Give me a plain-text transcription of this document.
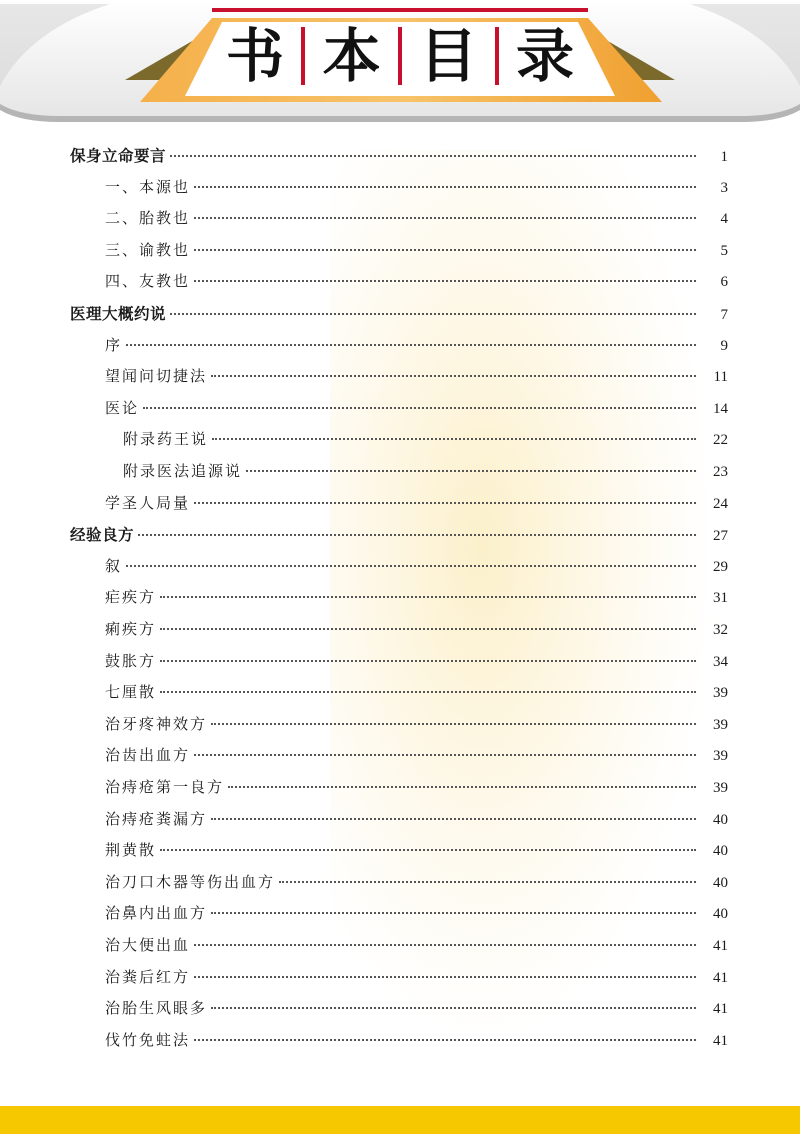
书 本 目 录
保身立命要言	1
一、本源也	3
二、胎教也	4
三、谕教也	5
四、友教也	6
医理大概约说	7
序	9
望闻问切捷法	11
医论	14
附录药王说	22
附录医法追源说	23
学圣人局量	24
经验良方	27
叙	29
疟疾方	31
痢疾方	32
鼓胀方	34
七厘散	39
治牙疼神效方	39
治齿出血方	39
治痔疮第一良方	39
治痔疮粪漏方	40
荆黄散	40
治刀口木器等伤出血方	40
治鼻内出血方	40
治大便出血	41
治粪后红方	41
治胎生风眼多	41
伐竹免蛀法	41
